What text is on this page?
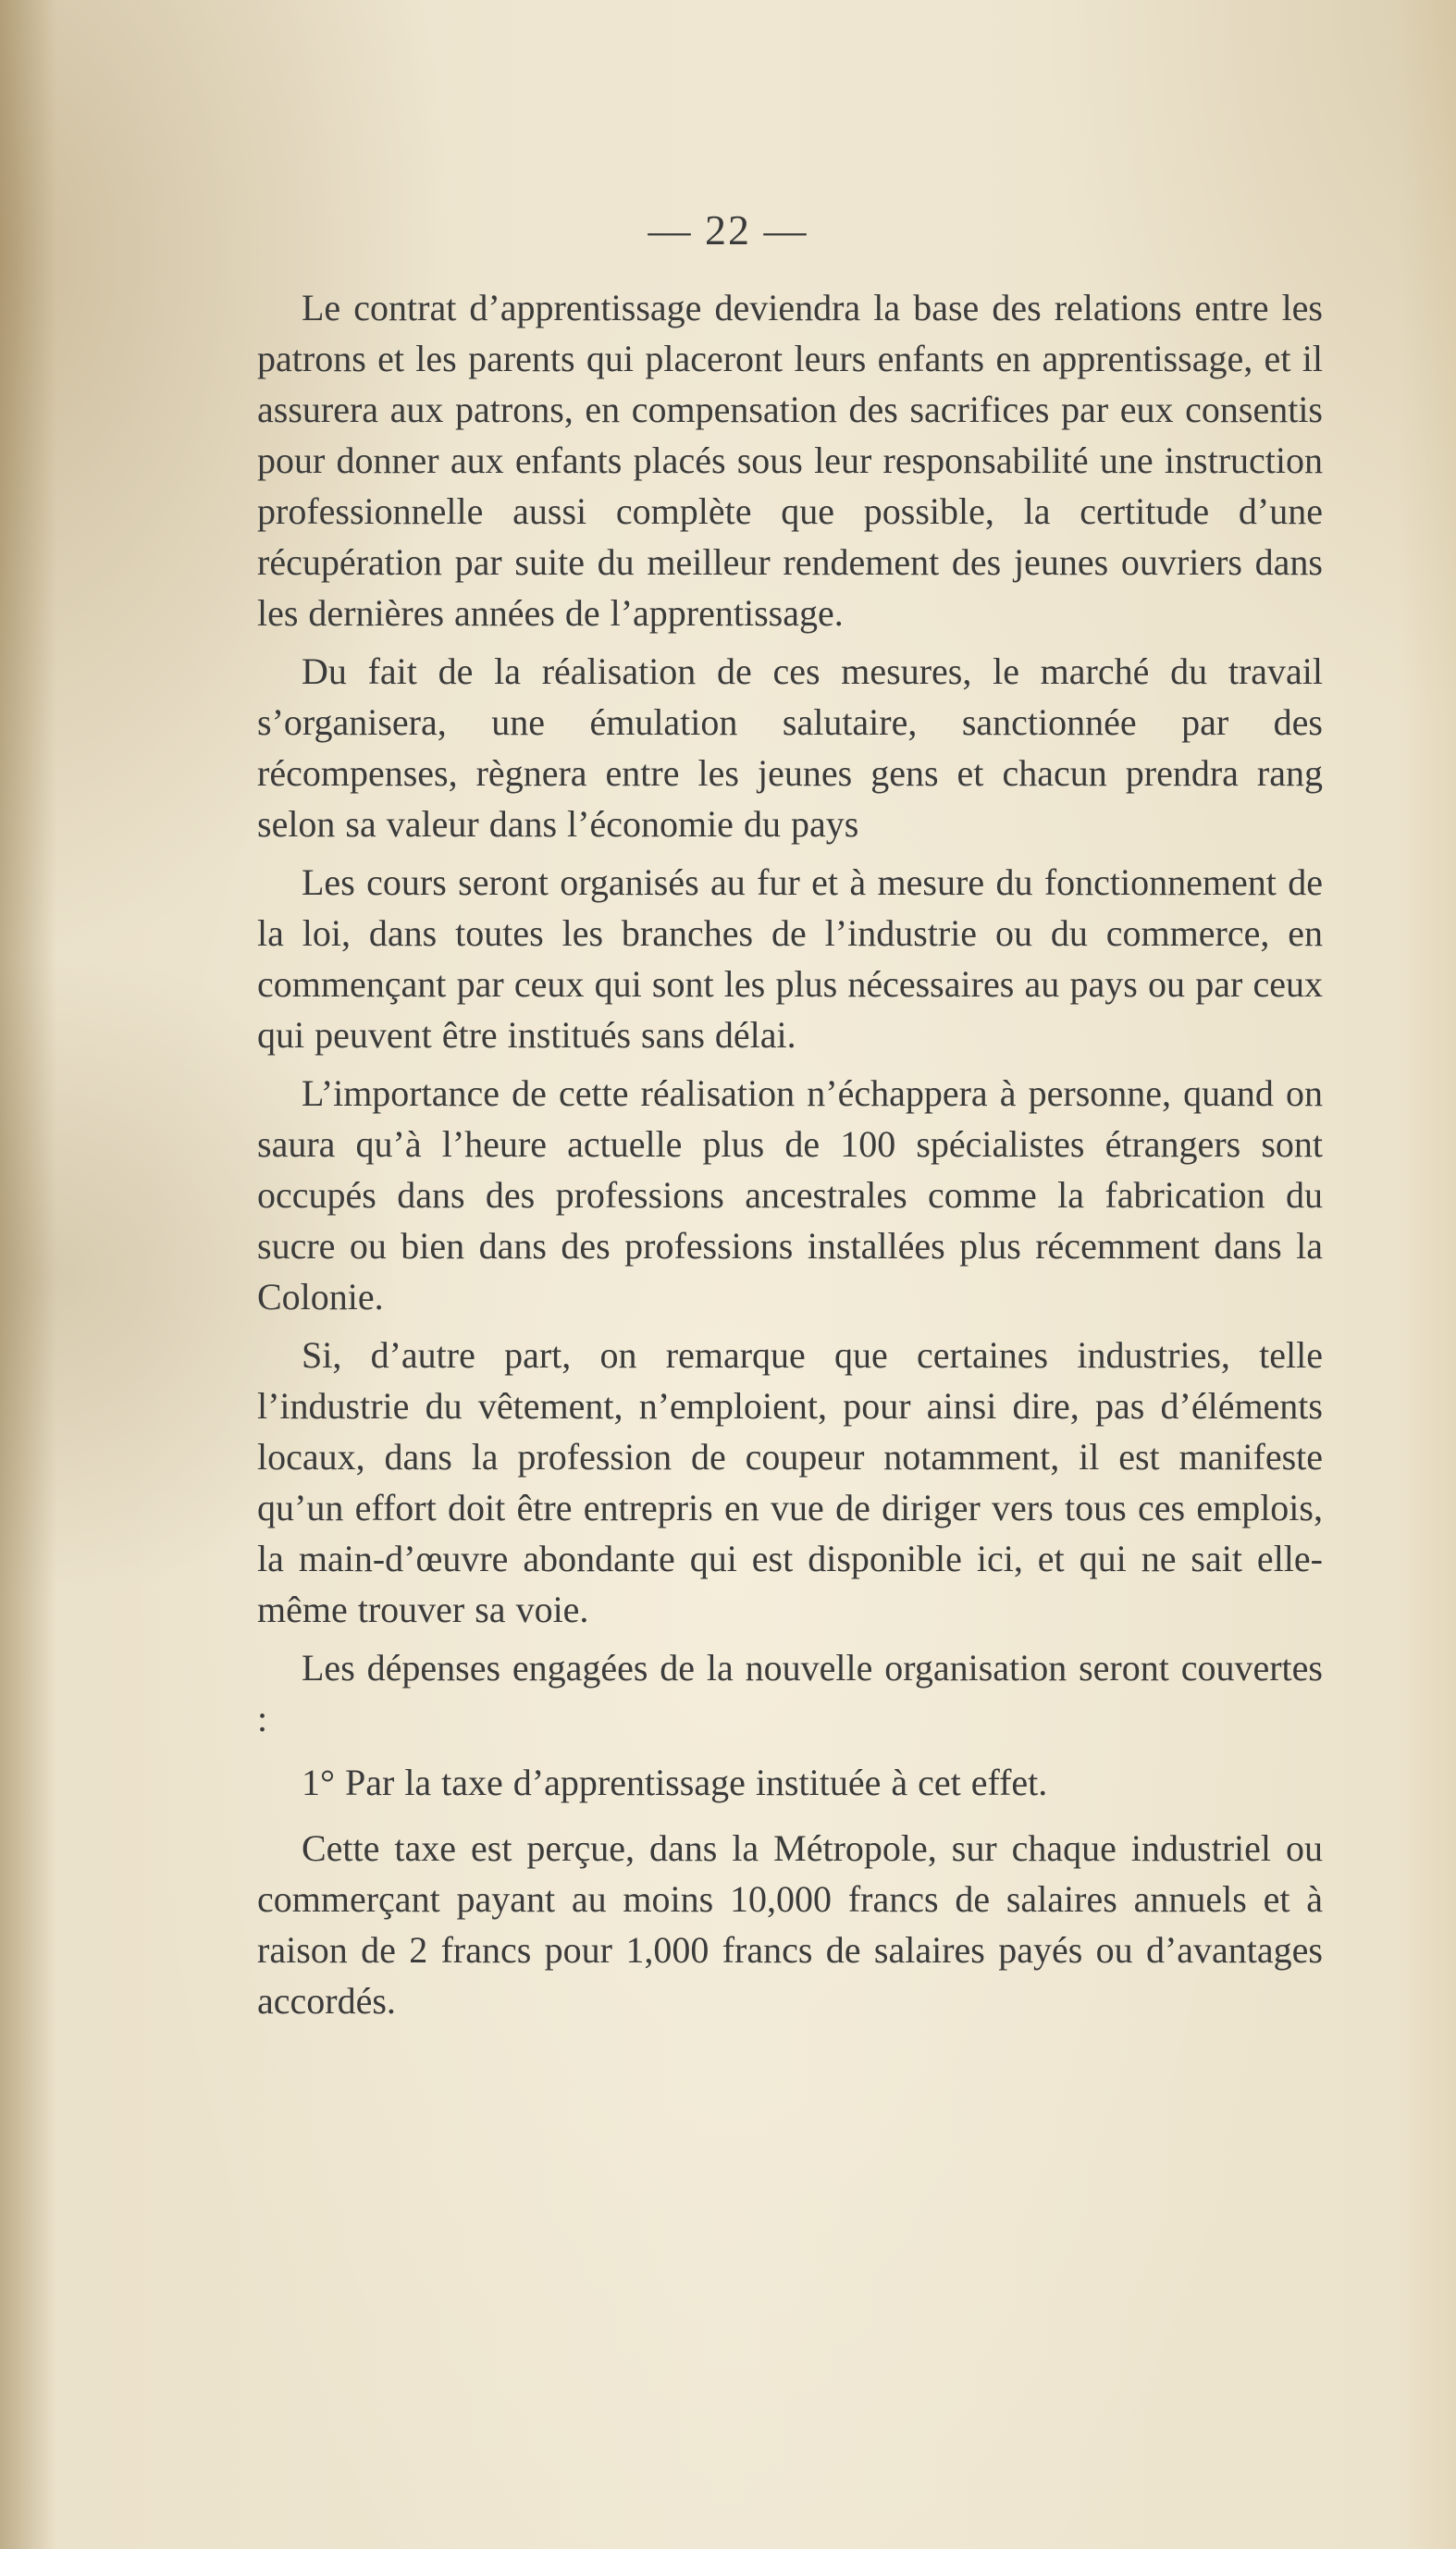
— 22 —

Le contrat d’apprentissage deviendra la base des relations entre les patrons et les parents qui placeront leurs enfants en apprentissage, et il assurera aux patrons, en compensation des sacrifices par eux consentis pour donner aux enfants placés sous leur responsabilité une instruction professionnelle aussi complète que possible, la certitude d’une récupération par suite du meilleur rendement des jeunes ouvriers dans les dernières années de l’apprentissage.

Du fait de la réalisation de ces mesures, le marché du travail s’organisera, une émulation salutaire, sanctionnée par des récompenses, règnera entre les jeunes gens et chacun prendra rang selon sa valeur dans l’économie du pays

Les cours seront organisés au fur et à mesure du fonctionnement de la loi, dans toutes les branches de l’industrie ou du commerce, en commençant par ceux qui sont les plus nécessaires au pays ou par ceux qui peuvent être institués sans délai.

L’importance de cette réalisation n’échappera à personne, quand on saura qu’à l’heure actuelle plus de 100 spécialistes étrangers sont occupés dans des professions ancestrales comme la fabrication du sucre ou bien dans des professions installées plus récemment dans la Colonie.

Si, d’autre part, on remarque que certaines industries, telle l’industrie du vêtement, n’emploient, pour ainsi dire, pas d’éléments locaux, dans la profession de coupeur notamment, il est manifeste qu’un effort doit être entrepris en vue de diriger vers tous ces emplois, la main-d’œuvre abondante qui est disponible ici, et qui ne sait elle-même trouver sa voie.

Les dépenses engagées de la nouvelle organisation seront couvertes :

1° Par la taxe d’apprentissage instituée à cet effet.

Cette taxe est perçue, dans la Métropole, sur chaque industriel ou commerçant payant au moins 10,000 francs de salaires annuels et à raison de 2 francs pour 1,000 francs de salaires payés ou d’avantages accordés.
